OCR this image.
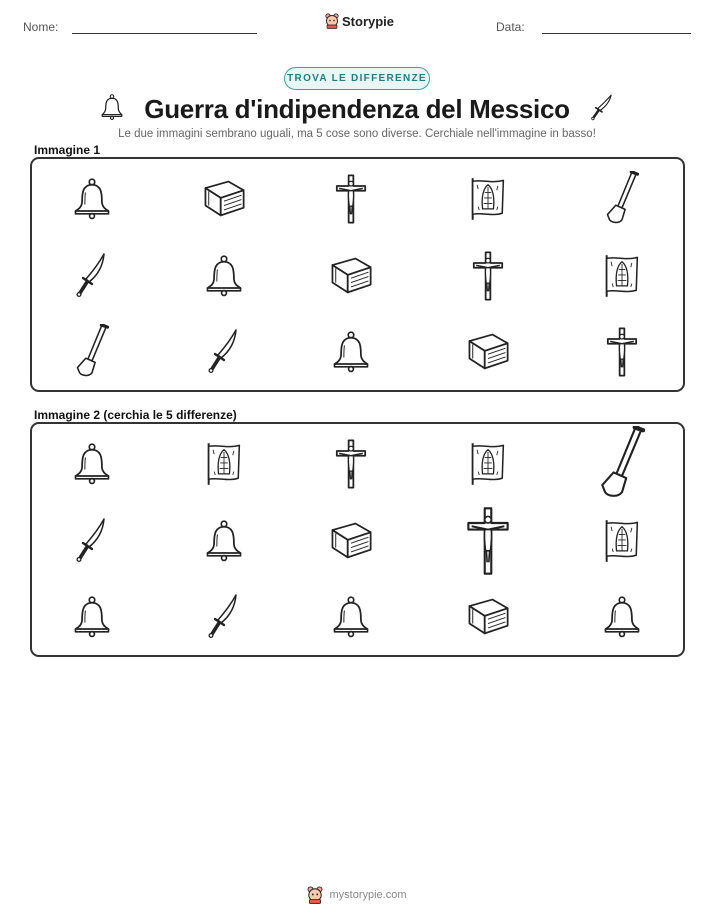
Nome:	Storypie	Data:
TROVA LE DIFFERENZE
Guerra d'indipendenza del Messico
Le due immagini sembrano uguali, ma 5 cose sono diverse. Cerchiale nell'immagine in basso!
Immagine 1
Immagine 2 (cerchia le 5 differenze)
mystorypie.com
